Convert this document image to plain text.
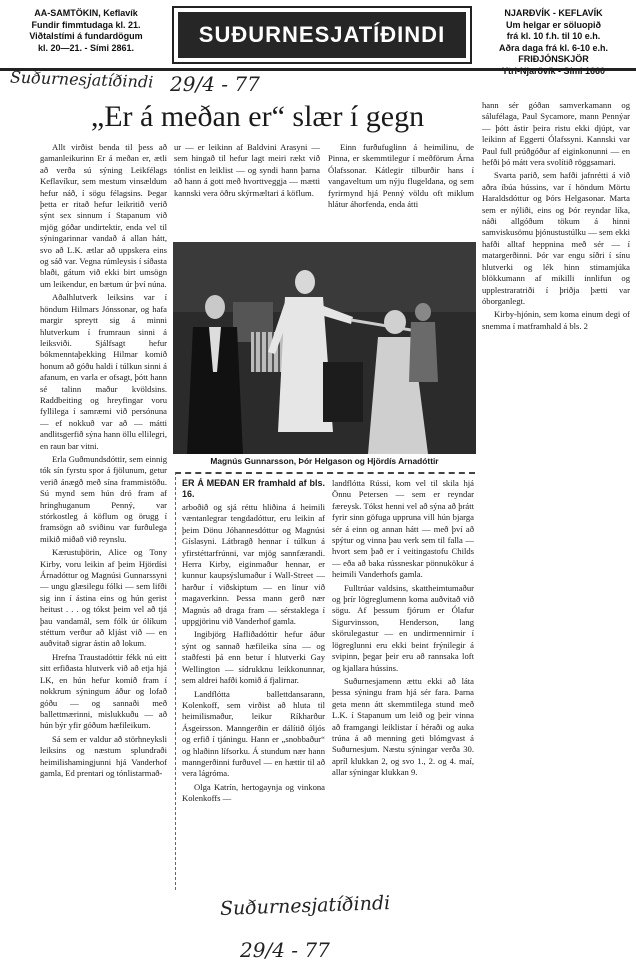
AA-SAMTÖKIN, Keflavík
Fundir fimmtudaga kl. 21.
Viðtalstími á fundardögum
kl. 20—21. - Sími 2861.
SUÐURNESJATÍÐINDI
NJARÐVÍK - KEFLAVÍK
Um helgar er söluopið
frá kl. 10 f.h. til 10 e.h.
Aðra daga frá kl. 6-10 e.h.
FRIÐJÓNSKJÖR
Suðurnesjatíðindi 29/4 - 77
„Er á meðan er“ slær í gegn

Allt virðist benda til þess að gamanleikurinn Er á meðan er, ætli að verða sú sýning Leikfélags Keflavíkur, sem mestum vinsældum hefur náð, í sögu félagsins. Þegar þetta er ritað hefur leikritið verið sýnt sex sinnum í Stapanum við mjög góðar undirtektir, enda vel til sýningarinnar vandað á allan hátt, svo að L.K. ætlar að uppskera eins og sáð var. Vegna rúmleysis í síðasta blaði, gátum við ekki birt umsögn um leikendur, en bætum úr því núna.

Aðalhlutverk leiksins var í höndum Hilmars Jónssonar, og hafa margir spreytt sig á minni hlutverkum í frumraun sinni á leiksviði. Sjálfsagt hefur bókmenntaþekking Hilmar komið honum að góðu haldi í túlkun sinni á afanum, en varla er ofsagt, þótt hann sé talinn maður kvöldsins. Raddbeiting og hreyfingar voru fyllilega í samræmi við persónuna — ef nokkuð var að — mátti andlitsgerfið sýna hann öllu ellilegri, en raun bar vitni.

Erla Guðmundsdóttir, sem einnig tók sín fyrstu spor á fjölunum, getur verið ánægð með sína frammistöðu. Sú mynd sem hún dró fram af hringhuganum Penný, var stórkostleg á köflum og örugg í framsögn að sviðinu var furðulega mikið miðað við reynslu.

Kærustuþörin, Alice og Tony Kirby, voru leikin af þeim Hjördísi Árnadóttur og Magnúsi Gunnarssyni — ungu glæsilegu fólki — sem lifði sig inn í ástina eins og hún gerist heitust . . . og tókst þeim vel að tjá þau vandamál, sem fólk úr ólíkum stéttum verður að kljást við — en auðvitað sigrar ástin að lokum.

Hrefna Traustadóttir fékk nú eitt sitt erfiðasta hlutverk við að etja hjá LK, en hún hefur komið fram í nokkrum sýningum áður og lofað góðu — og sannaði með ballettmærinni, mislukkuðu — að hún býr yfir góðum hæfileikum.

Sá sem er valdur að störhneyksli leiksins og næstum splundraði heimilishamingjunni hjá Vanderhof gamla, Ed prentari og tónlistarmað-

ur — er leikinn af Baldvini Arasyni — sem hingað til hefur lagt meiri rækt við tónlist en leiklist — og syndi hann þarna að hann á gott með hvorttveggja — mætti kannski vera öðru skýrmæltari á köflum.

Einn furðufuglinn á heimilinu, de Pinna, er skemmtilegur í meðförum Árna Ólafssonar. Kátlegir tilburðir hans í vangaveltum um nýju flugeldana, og sem fyrirmynd hjá Penný völdu oft miklum hlátur áhorfenda, enda átti

Magnús Gunnarsson, Þór Helgason og Hjördís Arnadóttir

hann sér góðan samverkamann og sálufélaga, Paul Sycamore, mann Pennýar — þótt ástir þeira ristu ekki djúpt, var leikinn af Eggerti Ólafssyni. Kannski var Paul full prúðgóður af eiginkonunni — en hefði þó mátt vera svolítið röggsamari.

Svarta parið, sem hafði jafnrétti á við aðra íbúa hússins, var í höndum Mörtu Haraldsdóttur og Þórs Helgasonar. Marta sem er nýliði, eins og Þór reyndar líka, náði allgóðum tökum á hinni samviskusömu þjónustustúlku — sem ekki hafði alltaf heppnina með sér — í matargerðinni. Þór var engu síðri í sínu hlutverki og lék hinn stimamjúka blökkumann af mikilli innlifun og upplestraratriði í þriðja þætti var óborganlegt.

Kirby-hjónin, sem koma einum degi of snemma í matframhald á bls. 2

ER Á MEÐAN ER framhald af bls. 16.

arboðið og sjá réttu hliðina á heimili væntanlegrar tengdadóttur, eru leikin af þeim Dönu Jóhannesdóttur og Magnúsi Gíslasyni. Látbragð hennar í túlkun á yfirstéttarfrúnni, var mjög sannfærandi. Herra Kirby, eiginmaður hennar, er kunnur kaupsýslumaður í Wall-Street — harður í viðskiptum — en linur við magaverkinn. Þessa mann gerð nær Magnús að draga fram — sérstaklega í uppgjörinu við Vanderhof gamla.

Ingibjörg Hafliðadóttir hefur áður sýnt og sannað hæfileika sína — og staðfesti þá enn betur í hlutverki Gay Wellington — sídrukknu leikkonunnar, sem aldrei hafði komið á fjalirnar.

Landflótta ballettdansarann, Kolenkoff, sem virðist að hluta til heimilismaður, leikur Ríkharður Ásgeirsson. Manngerðin er dálítið óljós og erfið í tjáningu. Hann er „snobbaður“ og hlaðinn lífsorku. Á stundum nær hann manngerðinni furðuvel — en hættir til að vera lágróma.

Olga Katrín, hertogaynja og vinkona Kolenkoffs —

landflótta Rússi, kom vel til skila hjá Önnu Petersen — sem er reyndar færeysk. Tókst henni vel að sýna að þrátt fyrir sinn göfuga uppruna vill hún bjarga sér á einn og annan hátt — með því að spýtur og vinna þau verk sem til falla — hvort sem það er í veitingastofu Childs — eða að baka rússneskar pönnukökur á heimili Vanderhofs gamla.

Fulltrúar valdsins, skattheimtumaður og þrír lögreglumenn koma auðvitað við sögu. Af þessum fjórum er Ólafur Sigurvinsson, Henderson, lang skörulegastur — en undirmennirnir í lögreglunni eru ekki beint frýnilegir á svipinn, þegar þeir eru að rannsaka loft og kjallara hússins.

Suðurnesjamenn ættu ekki að láta þessa sýningu fram hjá sér fara. Þarna geta menn átt skemmtilega stund með L.K. í Stapanum um leið og þeir vinna að framgangi leiklistar í héraði og auka trúna á að menning geti blómgvast á Suðurnesjum. Næstu sýningar verða 30. apríl klukkan 2, og svo 1., 2. og 4. maí, allar sýningar klukkan 9.

Suðurnesjatíðindi
29/4 - 77
